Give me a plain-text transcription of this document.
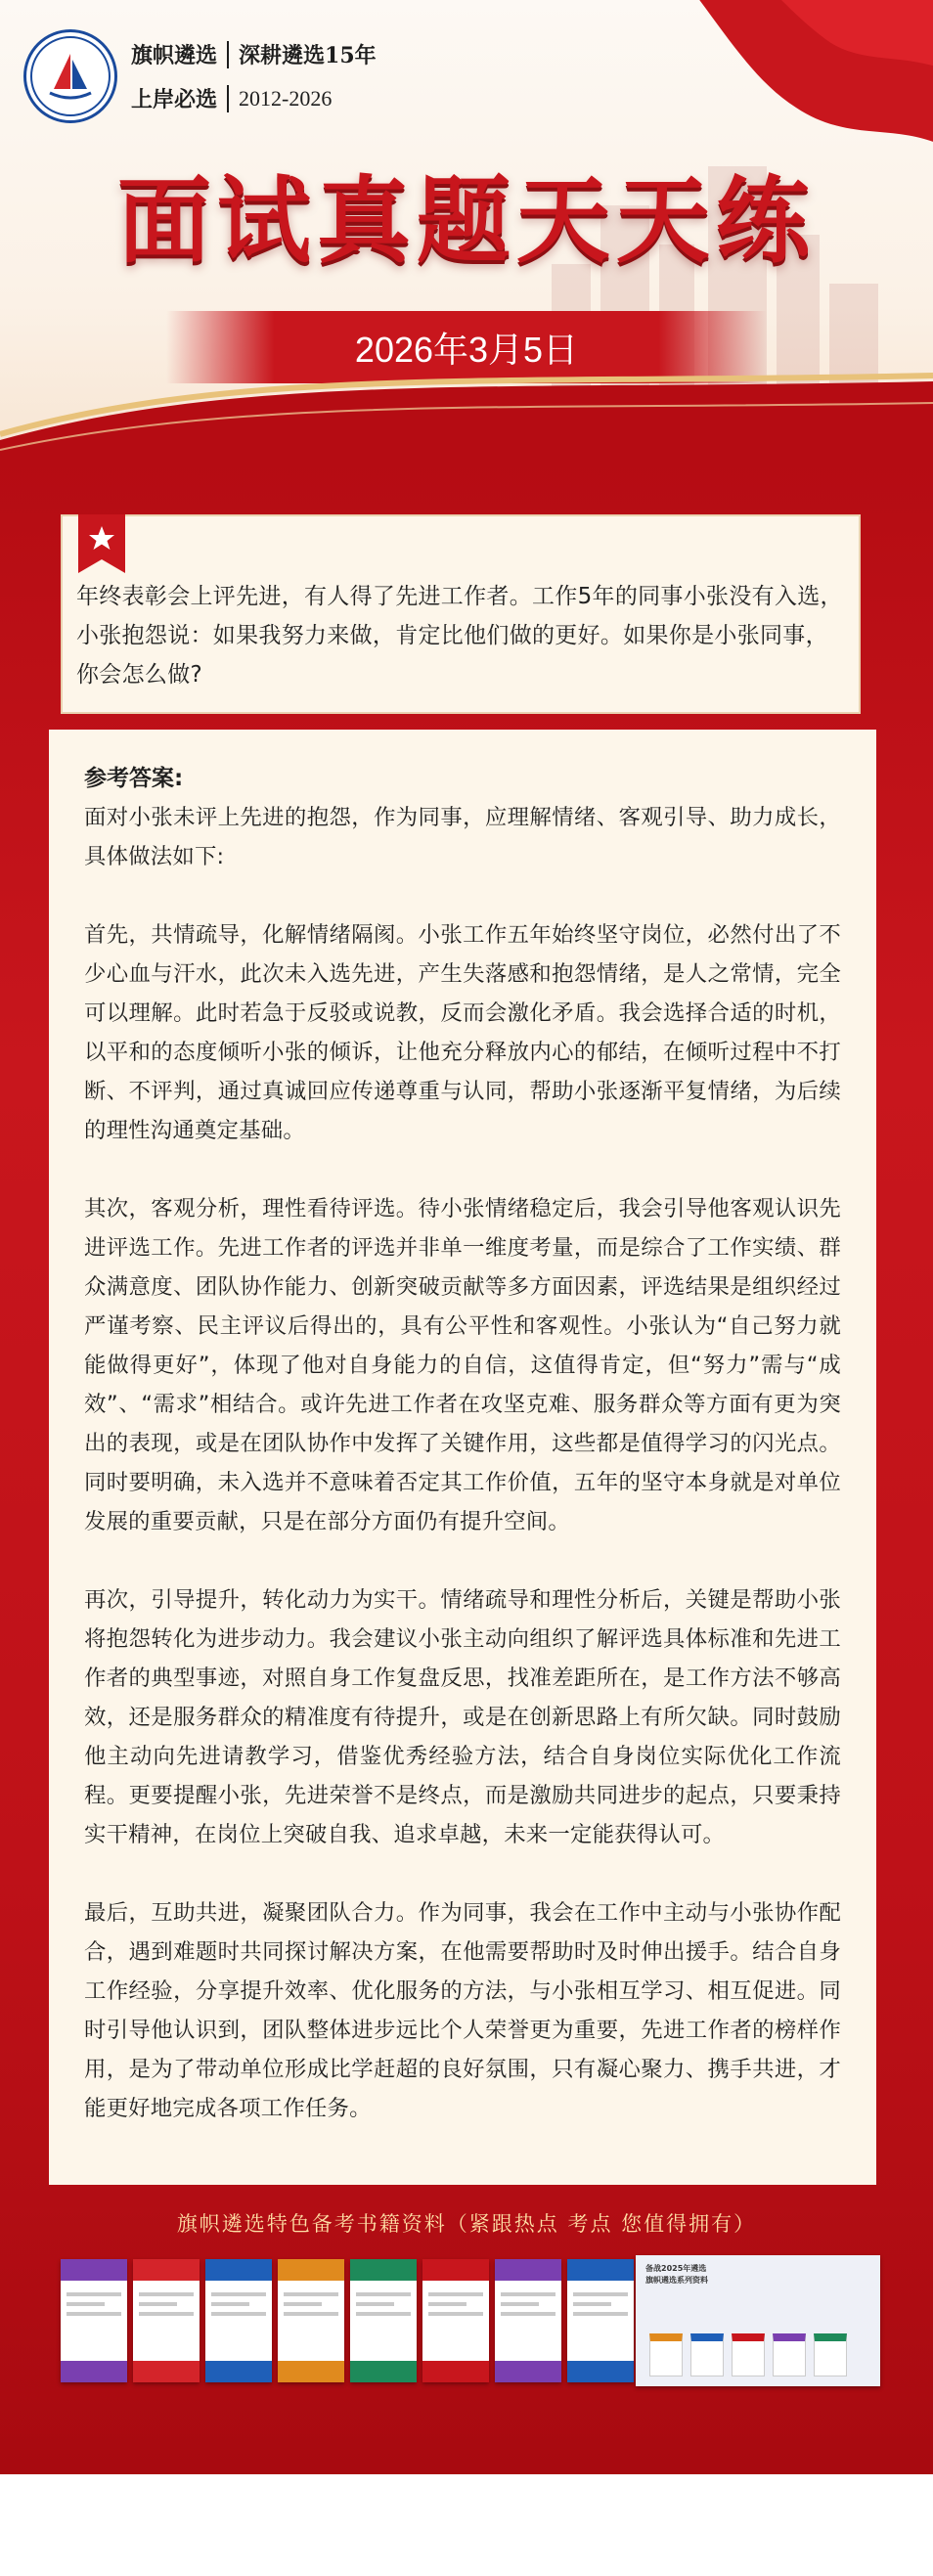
旗帜遴选 深耕遴选15年
上岸必选 2012-2026
面试真题天天练
2026年3月5日
年终表彰会上评先进，有人得了先进工作者。工作5年的同事小张没有入选，小张抱怨说：如果我努力来做，肯定比他们做的更好。如果你是小张同事，你会怎么做?
参考答案:
面对小张未评上先进的抱怨，作为同事，应理解情绪、客观引导、助力成长，具体做法如下:
首先，共情疏导，化解情绪隔阂。小张工作五年始终坚守岗位，必然付出了不少心血与汗水，此次未入选先进，产生失落感和抱怨情绪，是人之常情，完全可以理解。此时若急于反驳或说教，反而会激化矛盾。我会选择合适的时机，以平和的态度倾听小张的倾诉，让他充分释放内心的郁结，在倾听过程中不打断、不评判，通过真诚回应传递尊重与认同，帮助小张逐渐平复情绪，为后续的理性沟通奠定基础。
其次，客观分析，理性看待评选。待小张情绪稳定后，我会引导他客观认识先进评选工作。先进工作者的评选并非单一维度考量，而是综合了工作实绩、群众满意度、团队协作能力、创新突破贡献等多方面因素，评选结果是组织经过严谨考察、民主评议后得出的，具有公平性和客观性。小张认为“自己努力就能做得更好”，体现了他对自身能力的自信，这值得肯定，但“努力”需与“成效”、“需求”相结合。或许先进工作者在攻坚克难、服务群众等方面有更为突出的表现，或是在团队协作中发挥了关键作用，这些都是值得学习的闪光点。同时要明确，未入选并不意味着否定其工作价值，五年的坚守本身就是对单位发展的重要贡献，只是在部分方面仍有提升空间。
再次，引导提升，转化动力为实干。情绪疏导和理性分析后，关键是帮助小张将抱怨转化为进步动力。我会建议小张主动向组织了解评选具体标准和先进工作者的典型事迹，对照自身工作复盘反思，找准差距所在，是工作方法不够高效，还是服务群众的精准度有待提升，或是在创新思路上有所欠缺。同时鼓励他主动向先进请教学习，借鉴优秀经验方法，结合自身岗位实际优化工作流程。更要提醒小张，先进荣誉不是终点，而是激励共同进步的起点，只要秉持实干精神，在岗位上突破自我、追求卓越，未来一定能获得认可。
最后，互助共进，凝聚团队合力。作为同事，我会在工作中主动与小张协作配合，遇到难题时共同探讨解决方案，在他需要帮助时及时伸出援手。结合自身工作经验，分享提升效率、优化服务的方法，与小张相互学习、相互促进。同时引导他认识到，团队整体进步远比个人荣誉更为重要，先进工作者的榜样作用，是为了带动单位形成比学赶超的良好氛围，只有凝心聚力、携手共进，才能更好地完成各项工作任务。
旗帜遴选特色备考书籍资料（紧跟热点 考点 您值得拥有）
备战2025年遴选
旗帜遴选系列资料
